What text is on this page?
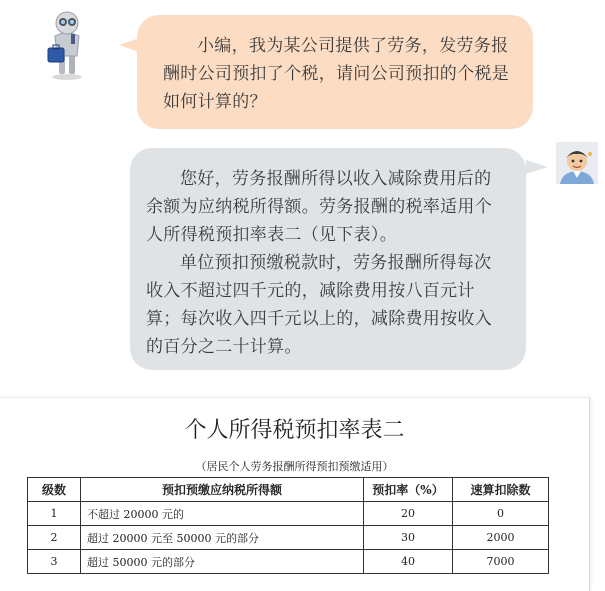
小编，我为某公司提供了劳务，发劳务报酬时公司预扣了个税，请问公司预扣的个税是如何计算的？

您好，劳务报酬所得以收入减除费用后的余额为应纳税所得额。劳务报酬的税率适用个人所得税预扣率表二（见下表）。

单位预扣预缴税款时，劳务报酬所得每次收入不超过四千元的，减除费用按八百元计算；每次收入四千元以上的，减除费用按收入的百分之二十计算。

个人所得税预扣率表二
（居民个人劳务报酬所得预扣预缴适用）
级数	预扣预缴应纳税所得额	预扣率（%）	速算扣除数
1	不超过 20000 元的	20	0
2	超过 20000 元至 50000 元的部分	30	2000
3	超过 50000 元的部分	40	7000
